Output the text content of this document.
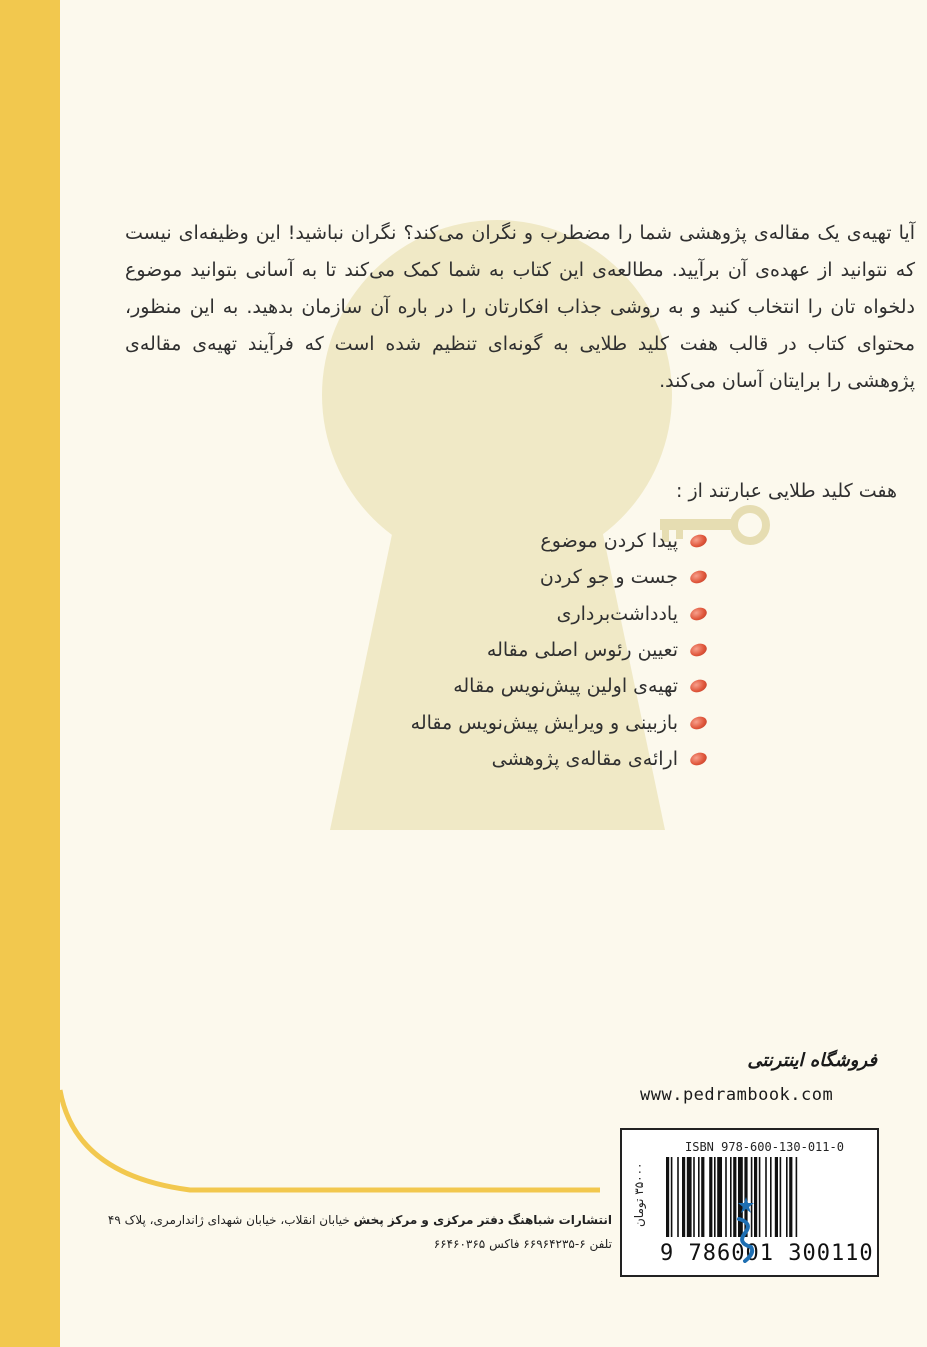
آیا تهیه‌ی یک مقاله‌ی پژوهشی شما را مضطرب و نگران می‌کند؟ نگران نباشید! این وظیفه‌ای نیست که نتوانید از عهده‌ی آن برآیید. مطالعه‌ی این کتاب به شما کمک می‌کند تا به آسانی بتوانید موضوع دلخواه تان را انتخاب کنید و به روشی جذاب افکارتان را در باره آن سازمان بدهید. به این منظور، محتوای کتاب در قالب هفت کلید طلایی به گونه‌ای تنظیم شده است که فرآیند تهیه‌ی مقاله‌ی پژوهشی را برایتان آسان می‌کند.
هفت کلید طلایی عبارتند از :
پیدا کردن موضوع
جست و جو کردن
یادداشت‌برداری
تعیین رئوس اصلی مقاله
تهیه‌ی اولین پیش‌نویس مقاله
بازبینی و ویرایش پیش‌نویس مقاله
ارائه‌ی مقاله‌ی پژوهشی
فروشگاه اینترنتی
www.pedrambook.com
ISBN 978-600-130-011-0
۳۵۰۰۰ تومان
9 786001 300110
انتشارات شباهنگ دفتر مرکزی و مرکز پخش خیابان انقلاب، خیابان شهدای ژاندارمری، پلاک ۴۹
تلفن ۶-۶۶۹۶۴۲۳۵ فاکس ۶۶۴۶۰۳۶۵
